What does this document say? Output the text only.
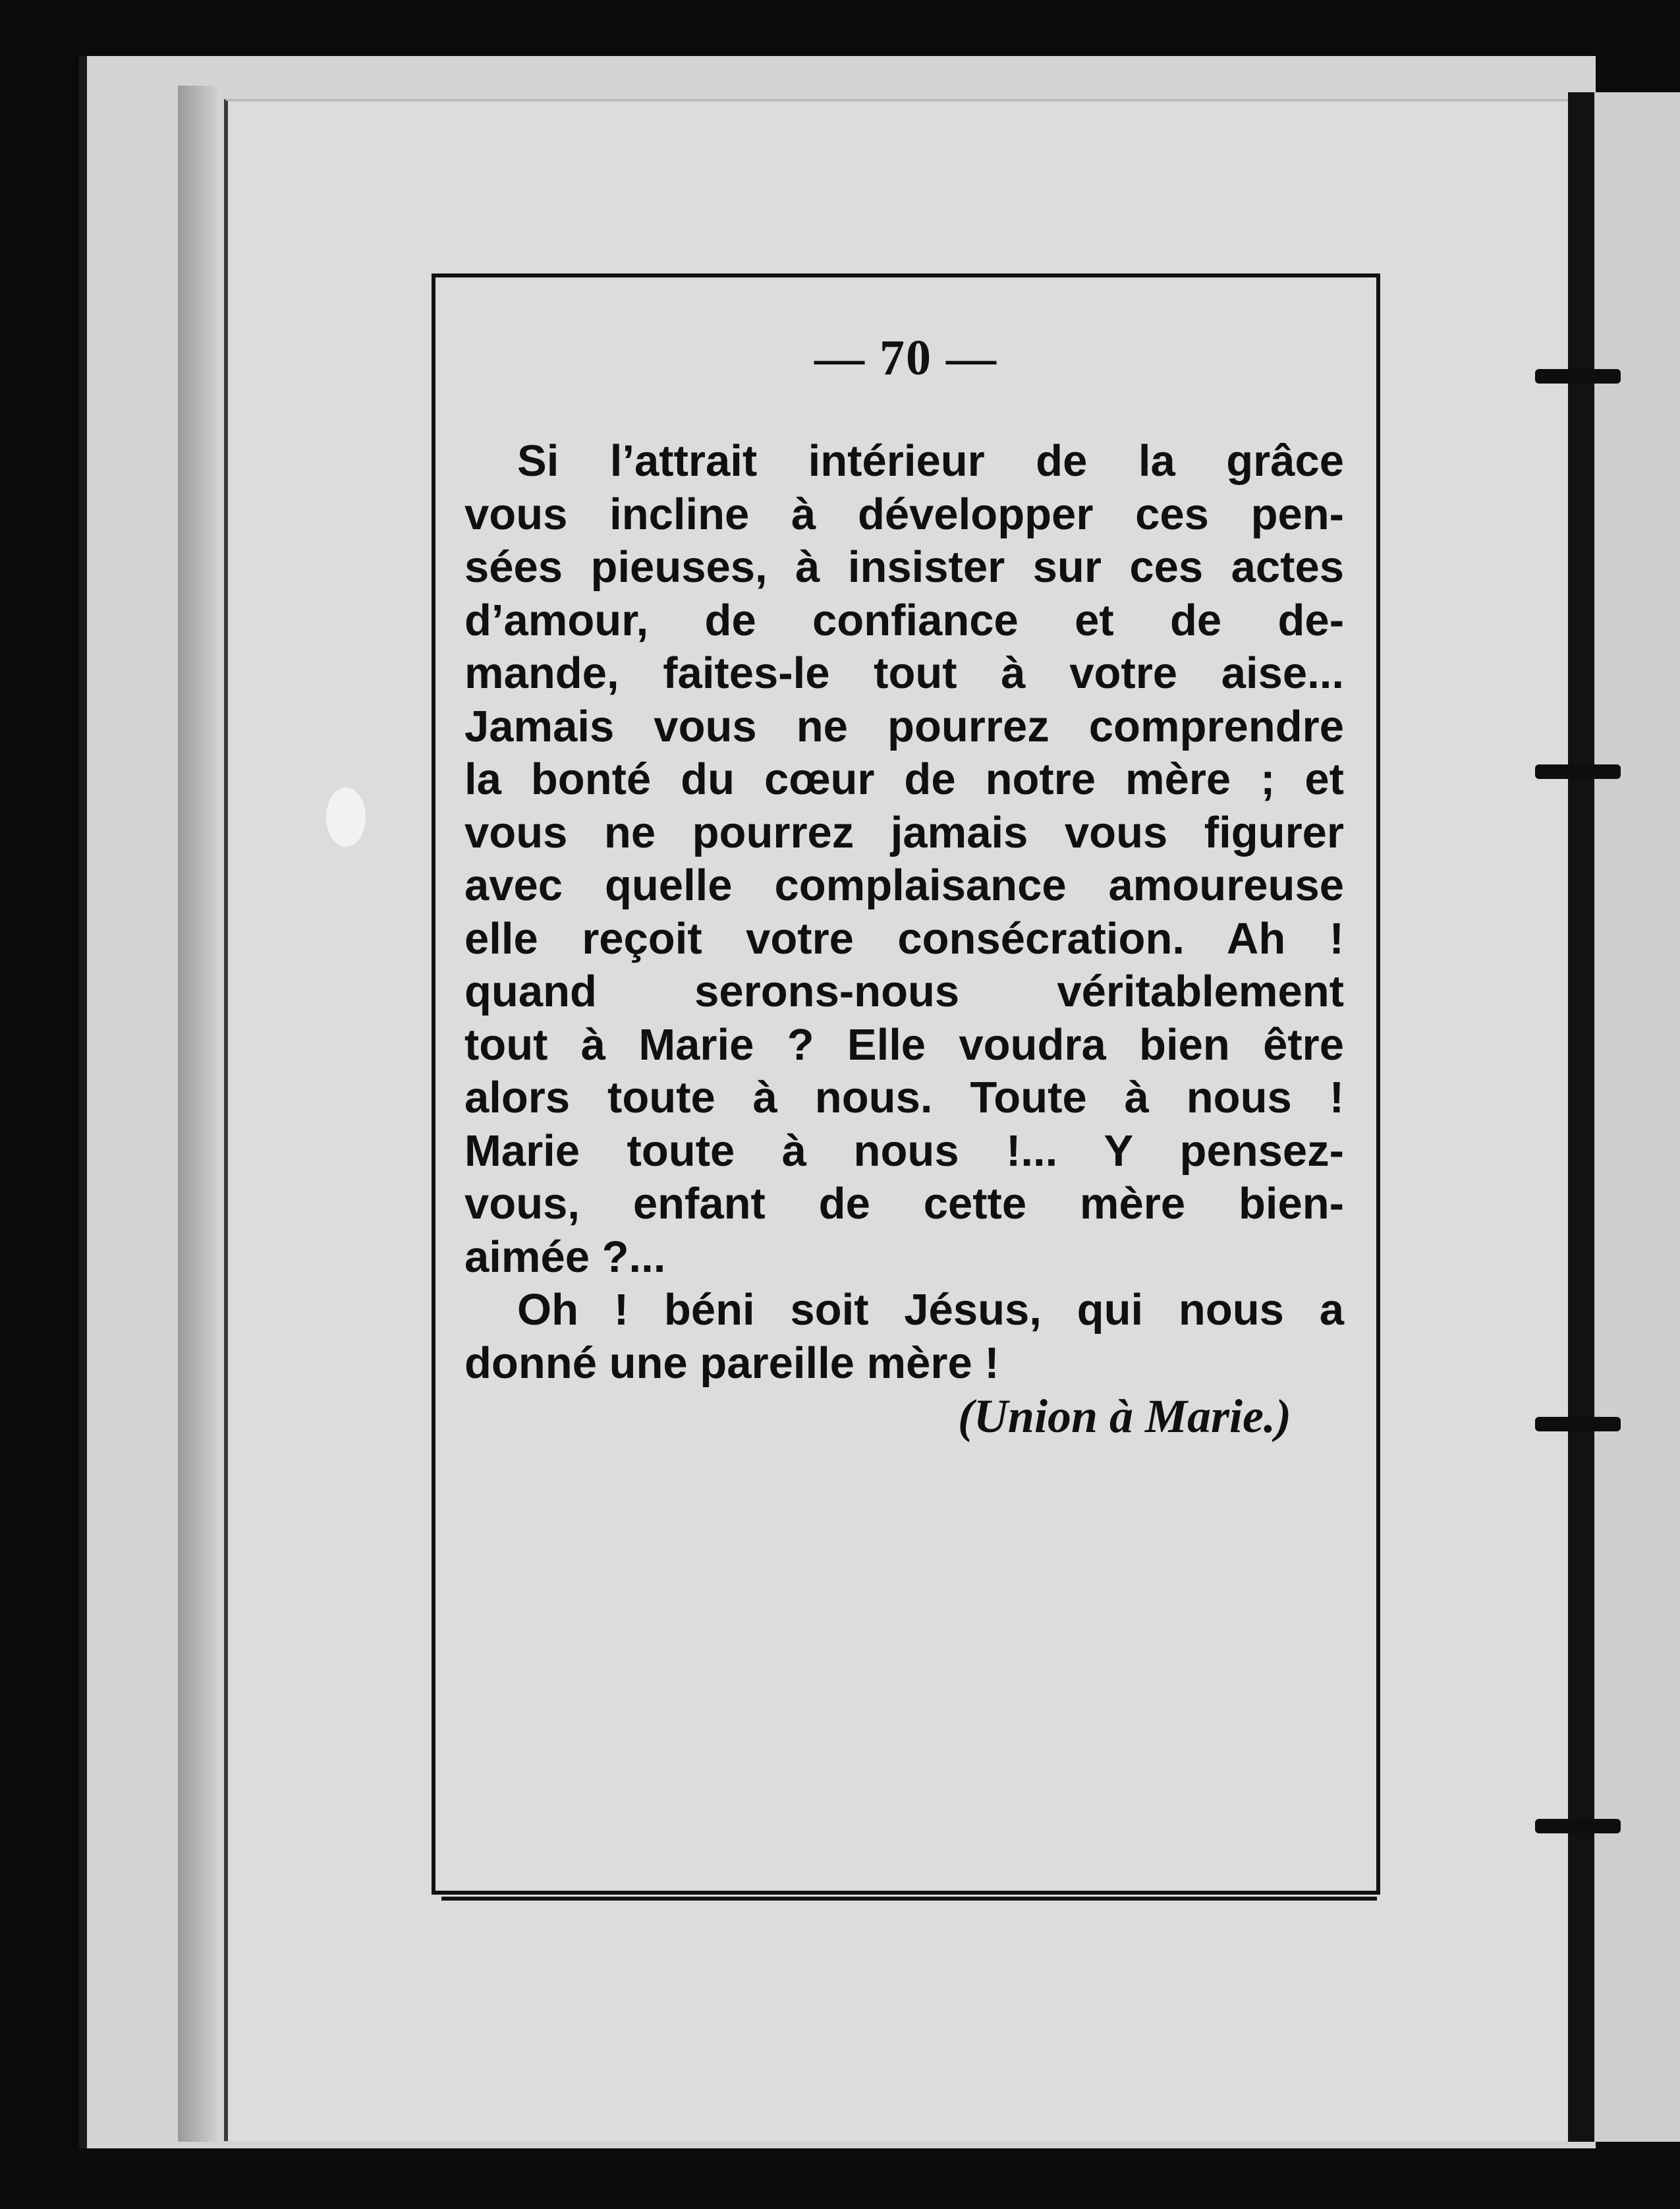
— 70 —
Si l’attrait intérieur de la grâce
vous incline à développer ces pen-
sées pieuses, à insister sur ces actes
d’amour, de confiance et de de-
mande, faites-le tout à votre aise...
Jamais vous ne pourrez comprendre
la bonté du cœur de notre mère ; et
vous ne pourrez jamais vous figurer
avec quelle complaisance amoureuse
elle reçoit votre consécration. Ah !
quand serons-nous véritablement
tout à Marie ? Elle voudra bien être
alors toute à nous. Toute à nous !
Marie toute à nous !... Y pensez-
vous, enfant de cette mère bien-
aimée ?...
Oh ! béni soit Jésus, qui nous a
donné une pareille mère !
(Union à Marie.)
